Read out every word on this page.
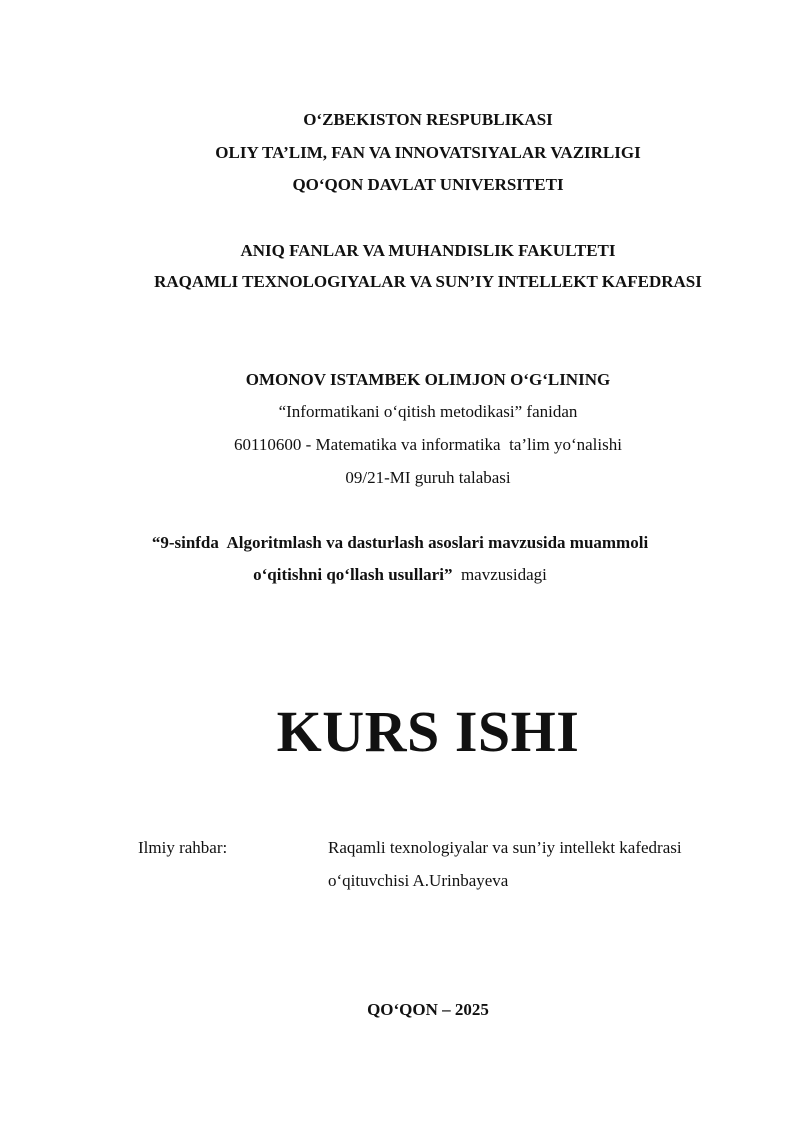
O‘ZBEKISTON RESPUBLIKASI
OLIY TA’LIM, FAN VA INNOVATSIYALAR VAZIRLIGI
QO‘QON DAVLAT UNIVERSITETI
ANIQ FANLAR VA MUHANDISLIK FAKULTETI
RAQAMLI TEXNOLOGIYALAR VA SUN’IY INTELLEKT KAFEDRASI
OMONOV ISTAMBEK OLIMJON O‘G‘LINING
“Informatikani o‘qitish metodikasi” fanidan
60110600 - Matematika va informatika  ta’lim yo‘nalishi
09/21-MI guruh talabasi
“9-sinfda  Algoritmlash va dasturlash asoslari mavzusida muammoli
o‘qitishni qo‘llash usullari”  mavzusidagi
KURS ISHI
Ilmiy rahbar:	Raqamli texnologiyalar va sun’iy intellekt kafedrasi
o‘qituvchisi A.Urinbayeva
QO‘QON – 2025
